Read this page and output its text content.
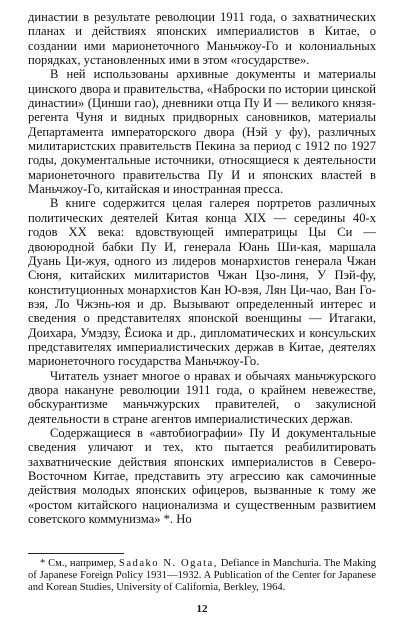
династии в результате революции 1911 года, о захватнических планах и действиях японских империалистов в Китае, о создании ими марионеточного Маньчжоу-Го и колониальных порядках, установленных ими в этом «государстве».

В ней использованы архивные документы и материалы цинского двора и правительства, «Наброски по истории цинской династии» (Цинши гао), дневники отца Пу И — великого князя-регента Чуня и видных придворных сановников, материалы Департамента императорского двора (Нэй у фу), различных милитаристских правительств Пекина за период с 1912 по 1927 годы, документальные источники, относящиеся к деятельности марионеточного правительства Пу И и японских властей в Маньчжоу-Го, китайская и иностранная пресса.

В книге содержится целая галерея портретов различных политических деятелей Китая конца XIX — середины 40-х годов XX века: вдовствующей императрицы Цы Си — двоюродной бабки Пу И, генерала Юань Ши-кая, маршала Дуань Ци-жуя, одного из лидеров монархистов генерала Чжан Сюня, китайских милитаристов Чжан Цзо-линя, У Пэй-фу, конституционных монархистов Кан Ю-вэя, Лян Ци-чао, Ван Го-вэя, Ло Чжэнь-юя и др. Вызывают определенный интерес и сведения о представителях японской военщины — Итагаки, Доихара, Умэдзу, Ёсиока и др., дипломатических и консульских представителях империалистических держав в Китае, деятелях марионеточного государства Маньчжоу-Го.

Читатель узнает многое о нравах и обычаях маньчжурского двора накануне революции 1911 года, о крайнем невежестве, обскурантизме маньчжурских правителей, о закулисной деятельности в стране агентов империалистических держав.

Содержащиеся в «автобиографии» Пу И документальные сведения уличают и тех, кто пытается реабилитировать захватнические действия японских империалистов в Северо-Восточном Китае, представить эту агрессию как самочинные действия молодых японских офицеров, вызванные к тому же «ростом китайского национализма и существенным развитием советского коммунизма» *. Но

* См., например, Sadako N. Ogata, Defiance in Manchuria. The Making of Japanese Foreign Policy 1931—1932. A Publication of the Center for Japanese and Korean Studies, University of California, Berkley, 1964.
12
